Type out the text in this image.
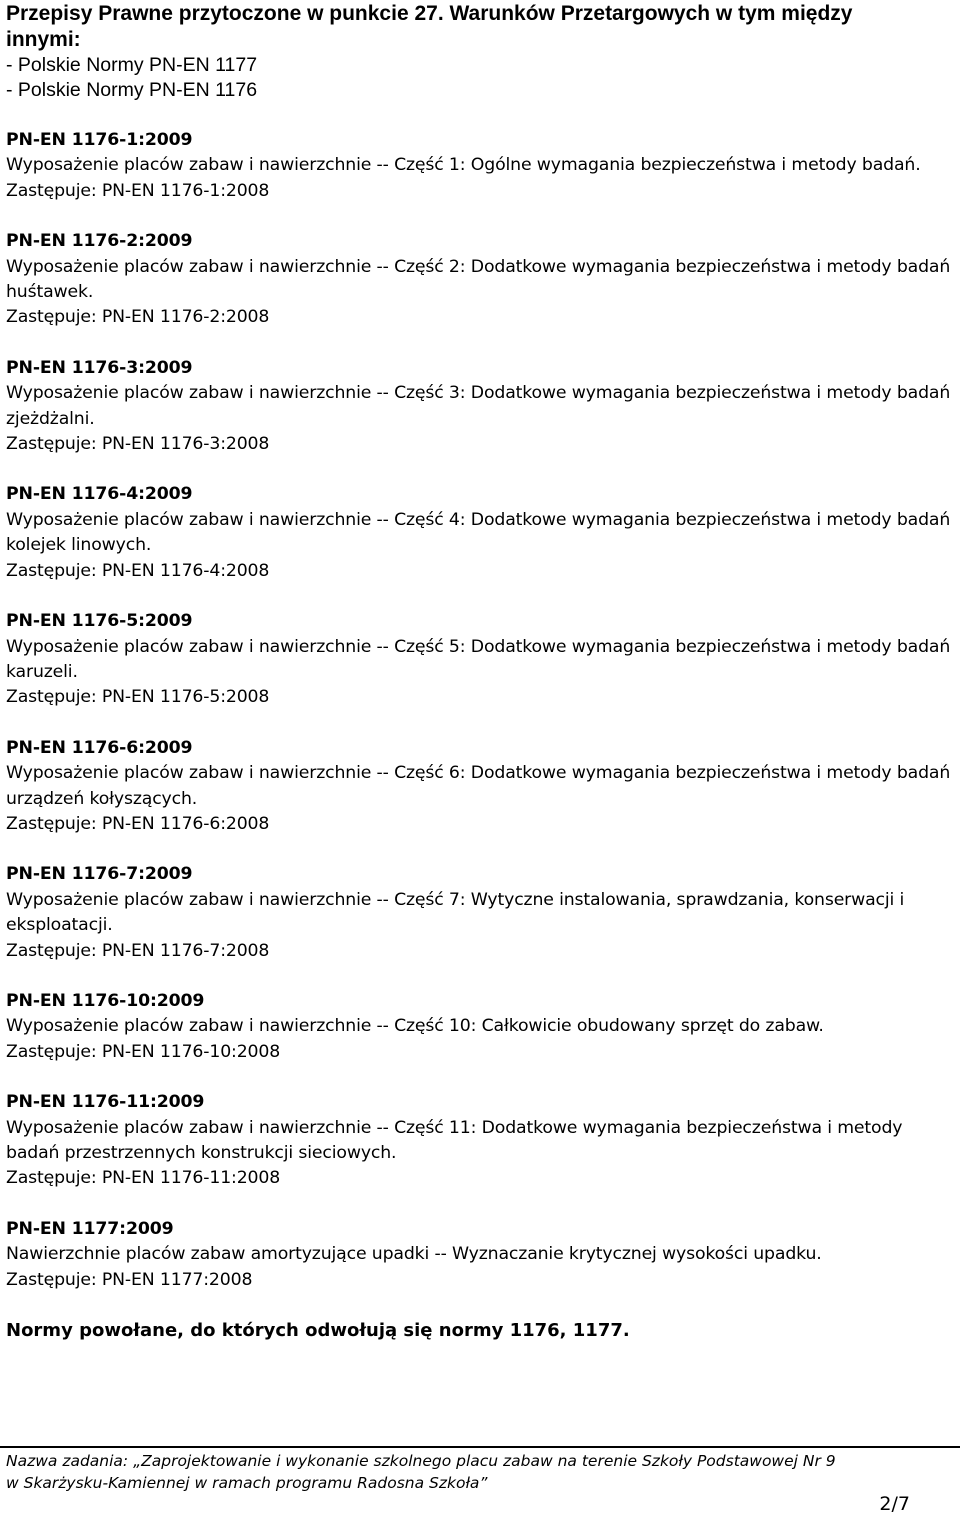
Przepisy Prawne przytoczone w punkcie 27. Warunków Przetargowych w tym między
innymi:
- Polskie Normy PN-EN 1177
- Polskie Normy PN-EN 1176
PN-EN 1176-1:2009
Wyposażenie placów zabaw i nawierzchnie -- Część 1: Ogólne wymagania bezpieczeństwa i metody badań.
Zastępuje: PN-EN 1176-1:2008
PN-EN 1176-2:2009
Wyposażenie placów zabaw i nawierzchnie -- Część 2: Dodatkowe wymagania bezpieczeństwa i metody badań huśtawek.
Zastępuje: PN-EN 1176-2:2008
PN-EN 1176-3:2009
Wyposażenie placów zabaw i nawierzchnie -- Część 3: Dodatkowe wymagania bezpieczeństwa i metody badań zjeżdżalni.
Zastępuje: PN-EN 1176-3:2008
PN-EN 1176-4:2009
Wyposażenie placów zabaw i nawierzchnie -- Część 4: Dodatkowe wymagania bezpieczeństwa i metody badań kolejek linowych.
Zastępuje: PN-EN 1176-4:2008
PN-EN 1176-5:2009
Wyposażenie placów zabaw i nawierzchnie -- Część 5: Dodatkowe wymagania bezpieczeństwa i metody badań karuzeli.
Zastępuje: PN-EN 1176-5:2008
PN-EN 1176-6:2009
Wyposażenie placów zabaw i nawierzchnie -- Część 6: Dodatkowe wymagania bezpieczeństwa i metody badań urządzeń kołyszących.
Zastępuje: PN-EN 1176-6:2008
PN-EN 1176-7:2009
Wyposażenie placów zabaw i nawierzchnie -- Część 7: Wytyczne instalowania, sprawdzania, konserwacji i eksploatacji.
Zastępuje: PN-EN 1176-7:2008
PN-EN 1176-10:2009
Wyposażenie placów zabaw i nawierzchnie -- Część 10: Całkowicie obudowany sprzęt do zabaw.
Zastępuje: PN-EN 1176-10:2008
PN-EN 1176-11:2009
Wyposażenie placów zabaw i nawierzchnie -- Część 11: Dodatkowe wymagania bezpieczeństwa i metody badań przestrzennych konstrukcji sieciowych.
Zastępuje: PN-EN 1176-11:2008
PN-EN 1177:2009
Nawierzchnie placów zabaw amortyzujące upadki -- Wyznaczanie krytycznej wysokości upadku.
Zastępuje: PN-EN 1177:2008
Normy powołane, do których odwołują się normy 1176, 1177.
Nazwa zadania: „Zaprojektowanie i wykonanie szkolnego placu zabaw na terenie Szkoły Podstawowej Nr 9
w Skarżysku-Kamiennej w ramach programu Radosna Szkoła”
2/7
